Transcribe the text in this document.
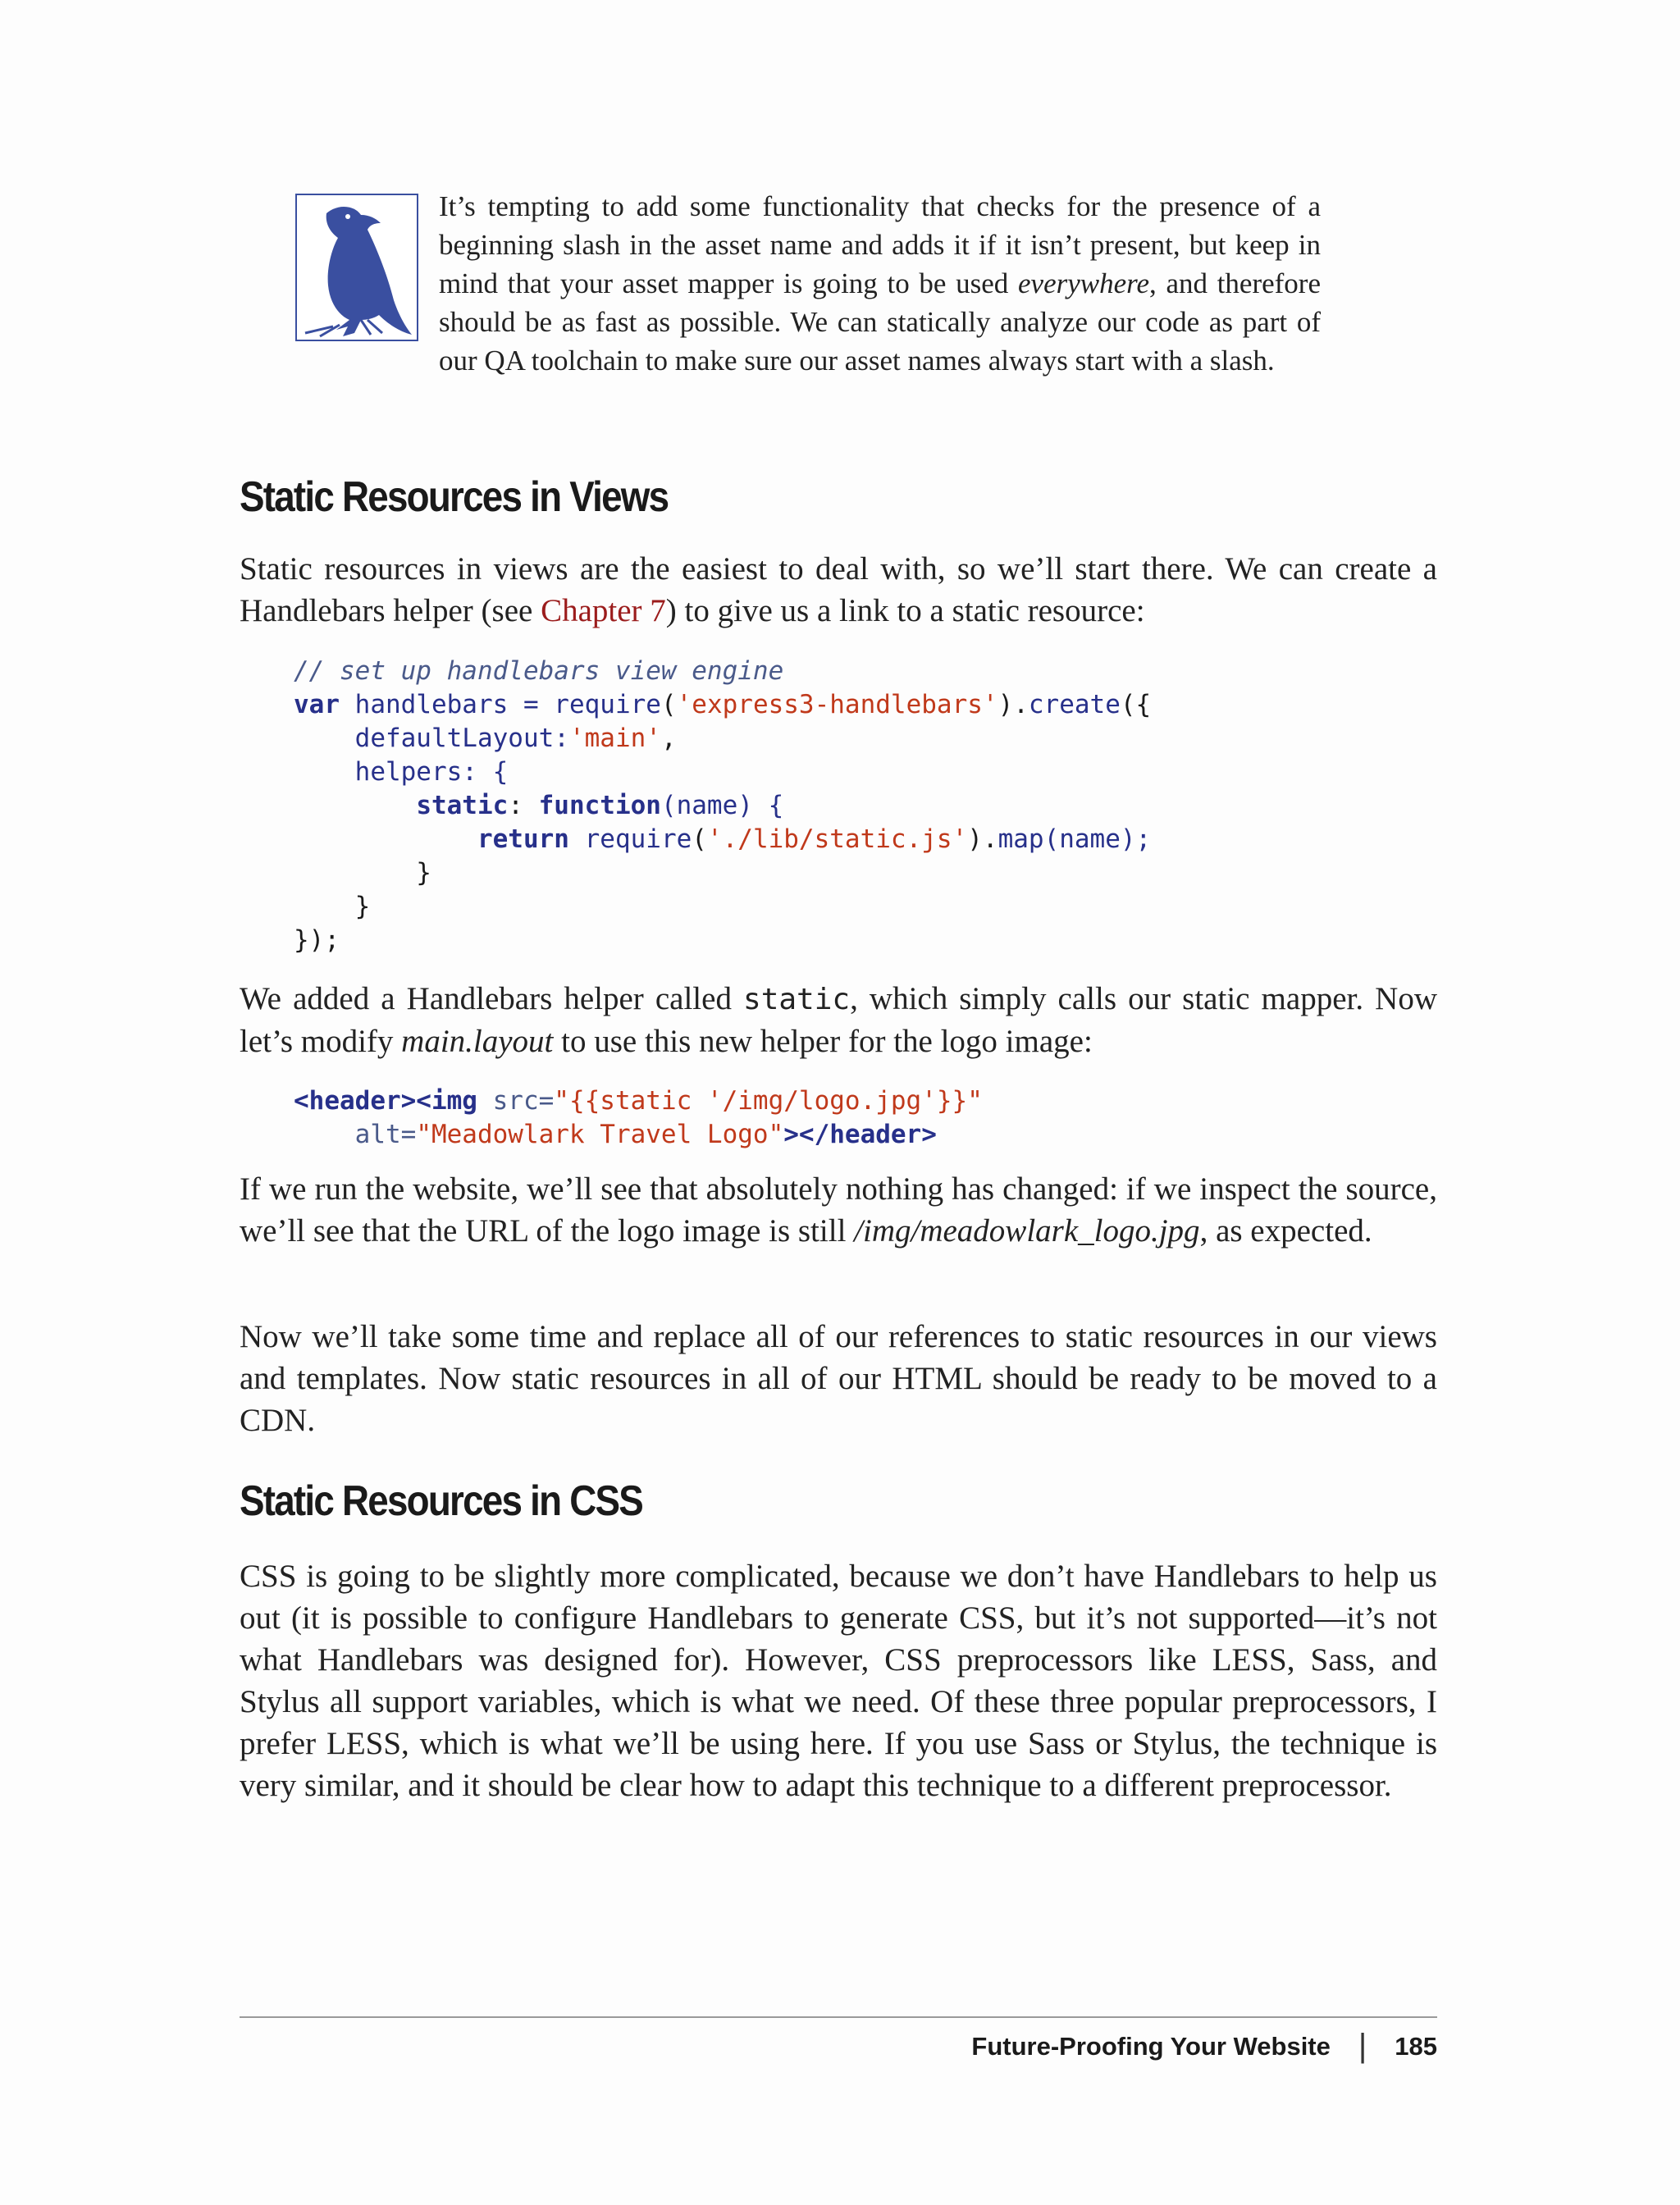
It’s tempting to add some functionality that checks for the presence of a beginning slash in the asset name and adds it if it isn’t present, but keep in mind that your asset mapper is going to be used everywhere, and therefore should be as fast as possible. We can statically analyze our code as part of our QA toolchain to make sure our asset names always start with a slash.
Static Resources in Views
Static resources in views are the easiest to deal with, so we’ll start there. We can create a Handlebars helper (see Chapter 7) to give us a link to a static resource:
// set up handlebars view engine
var handlebars = require('express3-handlebars').create({
defaultLayout:'main',
helpers: {
static: function(name) {
return require('./lib/static.js').map(name);
}
}
});
We added a Handlebars helper called static, which simply calls our static mapper. Now let’s modify main.layout to use this new helper for the logo image:
<header><img src="{{static '/img/logo.jpg'}}"
alt="Meadowlark Travel Logo"></header>
If we run the website, we’ll see that absolutely nothing has changed: if we inspect the source, we’ll see that the URL of the logo image is still /img/meadowlark_logo.jpg, as expected.
Now we’ll take some time and replace all of our references to static resources in our views and templates. Now static resources in all of our HTML should be ready to be moved to a CDN.
Static Resources in CSS
CSS is going to be slightly more complicated, because we don’t have Handlebars to help us out (it is possible to configure Handlebars to generate CSS, but it’s not supported—it’s not what Handlebars was designed for). However, CSS preprocessors like LESS, Sass, and Stylus all support variables, which is what we need. Of these three popular preprocessors, I prefer LESS, which is what we’ll be using here. If you use Sass or Stylus, the technique is very similar, and it should be clear how to adapt this technique to a different preprocessor.
Future-Proofing Your Website | 185
